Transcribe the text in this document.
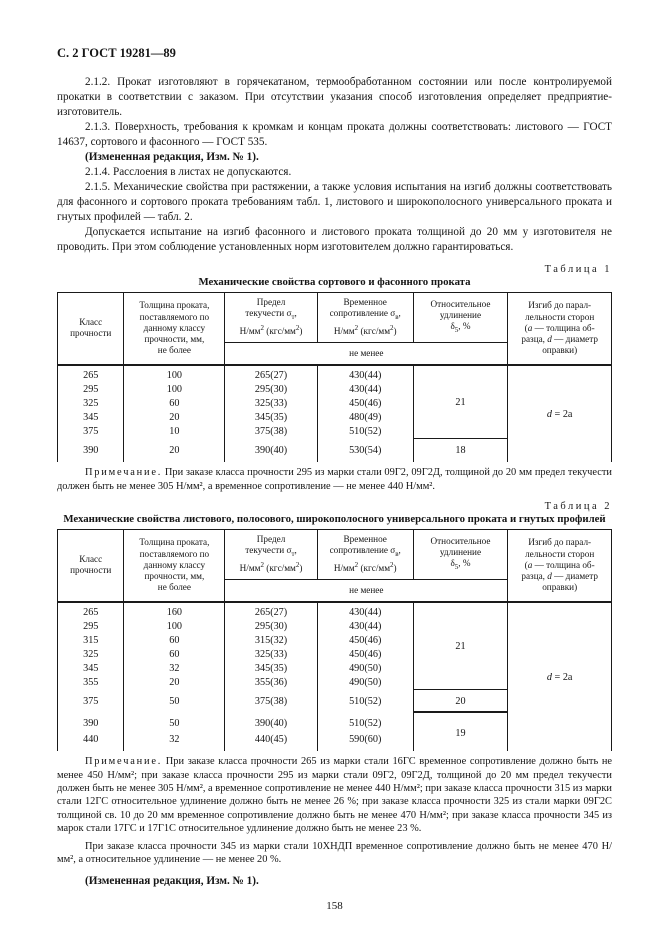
С. 2 ГОСТ 19281—89

2.1.2. Прокат изготовляют в горячекатаном, термообработанном состоянии или после контролируемой прокатки в соответствии с заказом. При отсутствии указания способ изготовления определяет предприятие-изготовитель.

2.1.3. Поверхность, требования к кромкам и концам проката должны соответствовать: листового — ГОСТ 14637, сортового и фасонного — ГОСТ 535.

(Измененная редакция, Изм. № 1).

2.1.4. Расслоения в листах не допускаются.

2.1.5. Механические свойства при растяжении, а также условия испытания на изгиб должны соответствовать для фасонного и сортового проката требованиям табл. 1, листового и широкополосного универсального проката и гнутых профилей — табл. 2.

Допускается испытание на изгиб фасонного и листового проката толщиной до 20 мм у изготовителя не проводить. При этом соблюдение установленных норм изготовителем должно гарантироваться.

Таблица 1
Механические свойства сортового и фасонного проката
Класс
прочности	Толщина проката,
поставляемого по
данному классу
прочности, мм,
не более	Предел
текучести $\sigma_т$,
$Н/мм^2$ $(кгс/мм^2)$	Временное
сопротивление $\sigma_в$,
$Н/мм^2$ $(кгс/мм^2)$	Относительное
удлинение
$\delta_5$, %	Изгиб до парал-
лельности сторон
(a — толщина об-
разца, d — диаметр
оправки)
		не менее			
265	100	265(27)	430(44)	21	d = 2a
295	100	295(30)	430(44)		
325	60	325(33)	450(46)		
345	20	345(35)	480(49)		
375	10	375(38)	510(52)		
390	20	390(40)	530(54)	18	

Примечание. При заказе класса прочности 295 из марки стали 09Г2, 09Г2Д, толщиной до 20 мм предел текучести должен быть не менее 305 Н/мм², а временное сопротивление — не менее 440 Н/мм².

Таблица 2
Механические свойства листового, полосового, широкополосного универсального проката и гнутых профилей
Класс
прочности	Толщина проката,
поставляемого по
данному классу
прочности, мм,
не более	Предел
текучести $\sigma_т$,
$Н/мм^2$ $(кгс/мм^2)$	Временное
сопротивление $\sigma_в$,
$Н/мм^2$ $(кгс/мм^2)$	Относительное
удлинение
$\delta_5$, %	Изгиб до парал-
лельности сторон
(a — толщина об-
разца, d — диаметр
оправки)
		не менее			
265	160	265(27)	430(44)	21	d = 2a
295	100	295(30)	430(44)		
315	60	315(32)	450(46)		
325	60	325(33)	450(46)		
345	32	345(35)	490(50)		
355	20	355(36)	490(50)		
375	50	375(38)	510(52)	20	
390	50	390(40)	510(52)	19	
440	32	440(45)	590(60)		

Примечание. При заказе класса прочности 265 из марки стали 16ГС временное сопротивление должно быть не менее 450 Н/мм²; при заказе класса прочности 295 из марки стали 09Г2, 09Г2Д, толщиной до 20 мм предел текучести должен быть не менее 305 Н/мм², а временное сопротивление не менее 440 Н/мм²; при заказе класса прочности 315 из марки стали 12ГС относительное удлинение должно быть не менее 26 %; при заказе класса прочности 325 из стали марки 09Г2С толщиной св. 10 до 20 мм временное сопротивление должно быть не менее 470 Н/мм²; при заказе класса прочности 345 из марок стали 17ГС и 17Г1С относительное удлинение должно быть не менее 23 %.

При заказе класса прочности 345 из марки стали 10ХНДП временное сопротивление должно быть не менее 470 Н/мм², а относительное удлинение — не менее 20 %.

(Измененная редакция, Изм. № 1).

158
